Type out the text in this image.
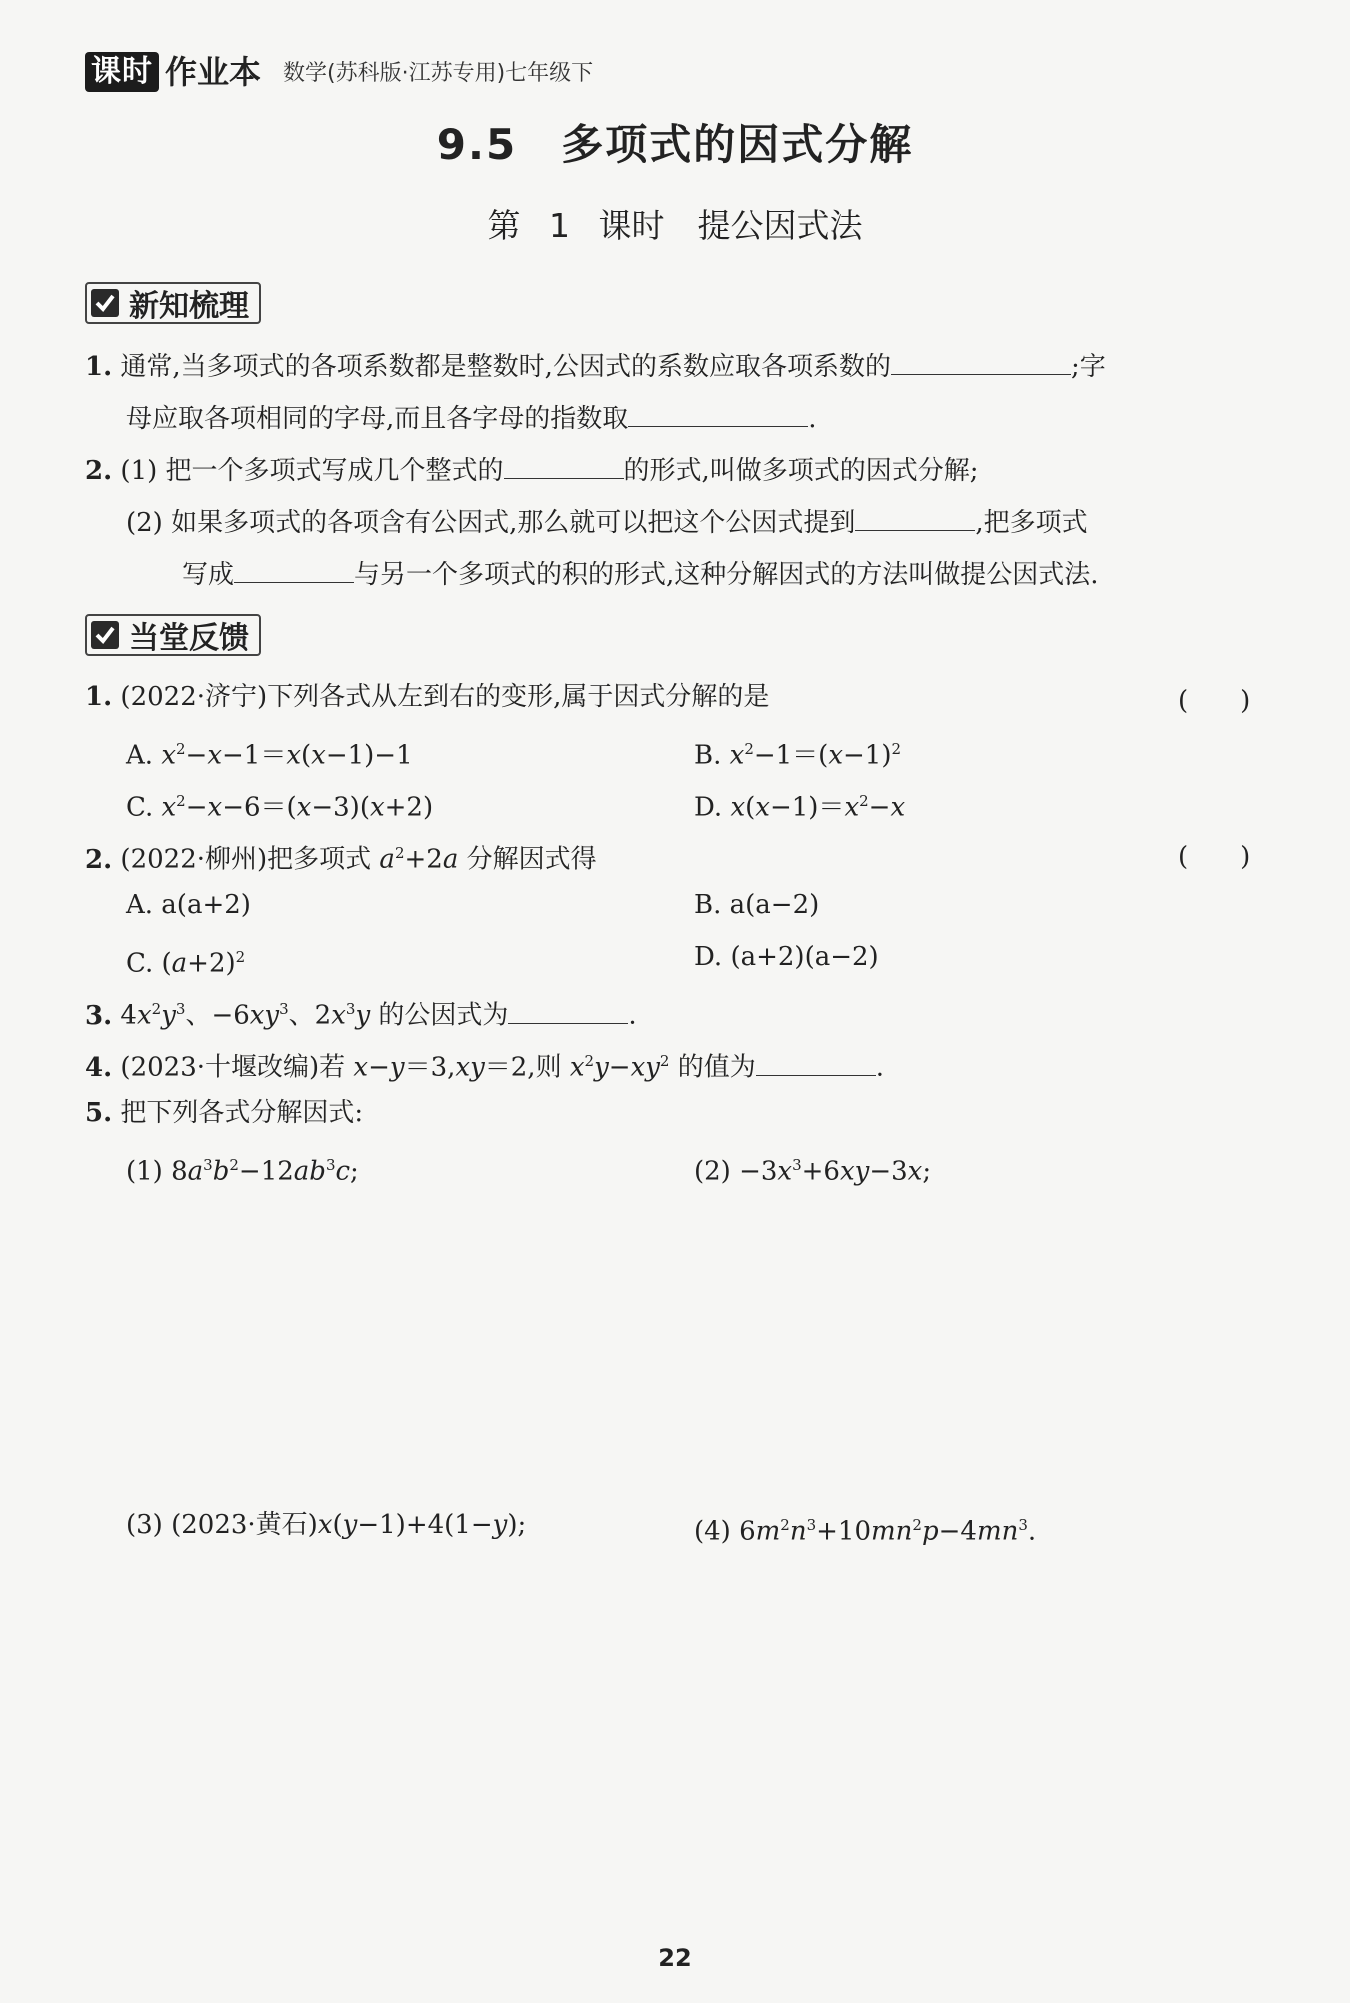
课时 作业本 数学(苏科版·江苏专用)七年级下
9.5　多项式的因式分解
第 1 课时　提公因式法
新知梳理
1. 通常,当多项式的各项系数都是整数时,公因式的系数应取各项系数的	;字
母应取各项相同的字母,而且各字母的指数取	.
2. (1) 把一个多项式写成几个整式的	的形式,叫做多项式的因式分解;
(2) 如果多项式的各项含有公因式,那么就可以把这个公因式提到	,把多项式
写成	与另一个多项式的积的形式,这种分解因式的方法叫做提公因式法.
当堂反馈
1. (2022·济宁)下列各式从左到右的变形,属于因式分解的是	(　　)
A. $x^2-x-1=x(x-1)-1$	B. $x^2-1=(x-1)^2$
C. $x^2-x-6=(x-3)(x+2)$	D. $x(x-1)=x^2-x$
2. (2022·柳州)把多项式 $a^2+2a$ 分解因式得	(　　)
A. a(a+2)	B. a(a−2)
C. $(a+2)^2$	D. (a+2)(a−2)
3. $4x^2y^3$、$-6xy^3$、$2x^3y$ 的公因式为	.
4. (2023·十堰改编)若 x−y＝3,xy＝2,则 $x^2y-xy^2$ 的值为	.
5. 把下列各式分解因式:
(1) $8a^3b^2-12ab^3c$;	$(2) -3x^3+6xy-3x$;
(3) (2023·黄石)x(y−1)+4(1−y);	(4) $6m^2n^3+10mn^2p-4mn^3$.
22
